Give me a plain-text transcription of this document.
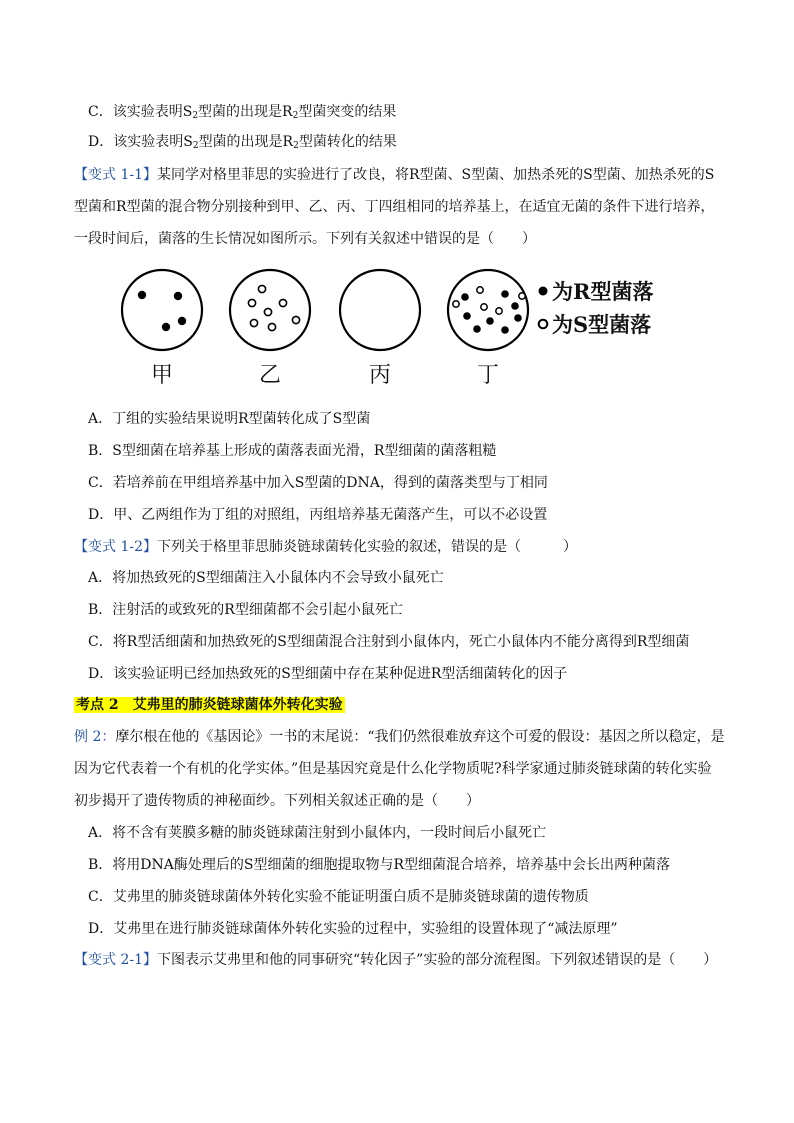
C．该实验表明$S_2$型菌的出现是$R_2$型菌突变的结果
D．该实验表明$S_2$型菌的出现是$R_2$型菌转化的结果
【变式 1-1】某同学对格里菲思的实验进行了改良，将R型菌、S型菌、加热杀死的S型菌、加热杀死的S
型菌和R型菌的混合物分别接种到甲、乙、丙、丁四组相同的培养基上，在适宜无菌的条件下进行培养，
一段时间后，菌落的生长情况如图所示。下列有关叙述中错误的是（　　）
甲	乙	丙	丁
为R型菌落
为S型菌落
A．丁组的实验结果说明R型菌转化成了S型菌
B．S型细菌在培养基上形成的菌落表面光滑，R型细菌的菌落粗糙
C．若培养前在甲组培养基中加入S型菌的DNA，得到的菌落类型与丁相同
D．甲、乙两组作为丁组的对照组，丙组培养基无菌落产生，可以不必设置
【变式 1-2】下列关于格里菲思肺炎链球菌转化实验的叙述，错误的是（　　　）
A．将加热致死的S型细菌注入小鼠体内不会导致小鼠死亡
B．注射活的或致死的R型细菌都不会引起小鼠死亡
C．将R型活细菌和加热致死的S型细菌混合注射到小鼠体内，死亡小鼠体内不能分离得到R型细菌
D．该实验证明已经加热致死的S型细菌中存在某种促进R型活细菌转化的因子
考点 2　艾弗里的肺炎链球菌体外转化实验
例 2：摩尔根在他的《基因论》一书的末尾说：“我们仍然很难放弃这个可爱的假设：基因之所以稳定，是
因为它代表着一个有机的化学实体。”但是基因究竟是什么化学物质呢?科学家通过肺炎链球菌的转化实验
初步揭开了遗传物质的神秘面纱。下列相关叙述正确的是（　　）
A．将不含有荚膜多糖的肺炎链球菌注射到小鼠体内，一段时间后小鼠死亡
B．将用DNA酶处理后的S型细菌的细胞提取物与R型细菌混合培养，培养基中会长出两种菌落
C．艾弗里的肺炎链球菌体外转化实验不能证明蛋白质不是肺炎链球菌的遗传物质
D．艾弗里在进行肺炎链球菌体外转化实验的过程中，实验组的设置体现了“减法原理”
【变式 2-1】下图表示艾弗里和他的同事研究“转化因子”实验的部分流程图。下列叙述错误的是（　　）
